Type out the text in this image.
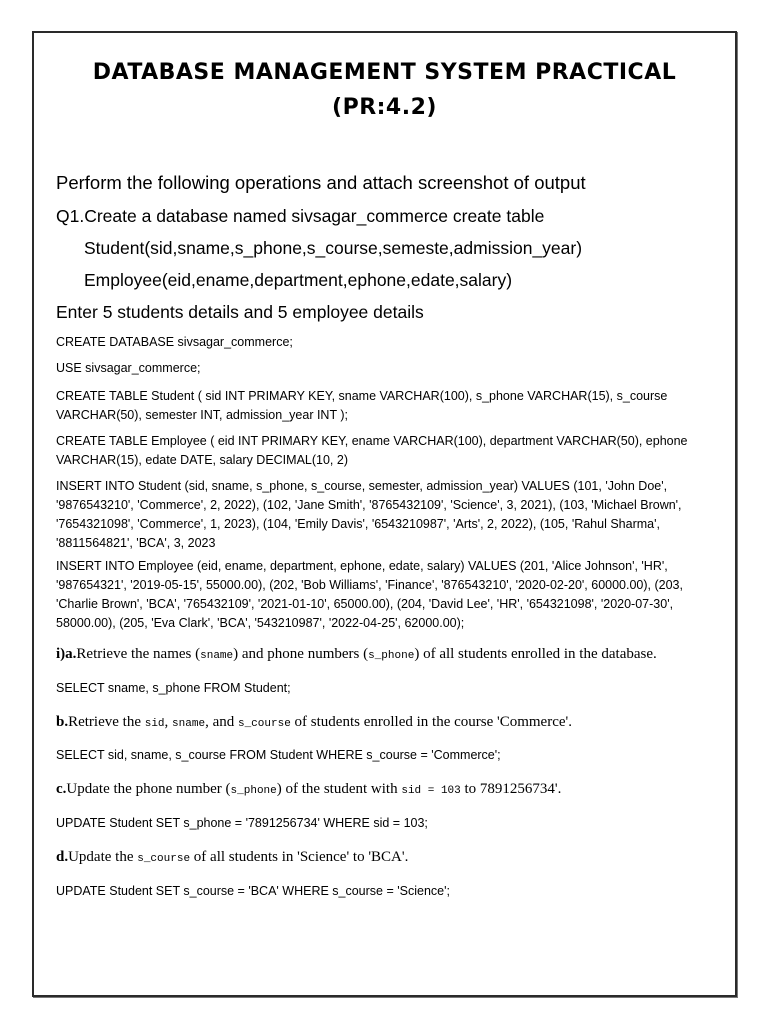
DATABASE MANAGEMENT SYSTEM PRACTICAL
(PR:4.2)

Perform the following operations and attach screenshot of output

Q1.Create a database named sivsagar_commerce create table

Student(sid,sname,s_phone,s_course,semeste,admission_year)

Employee(eid,ename,department,ephone,edate,salary)

Enter 5 students details and 5 employee details

CREATE DATABASE sivsagar_commerce;

USE sivsagar_commerce;

CREATE TABLE Student ( sid INT PRIMARY KEY, sname VARCHAR(100), s_phone VARCHAR(15), s_course
VARCHAR(50), semester INT, admission_year INT );
CREATE TABLE Employee ( eid INT PRIMARY KEY, ename VARCHAR(100), department VARCHAR(50), ephone
VARCHAR(15), edate DATE, salary DECIMAL(10, 2)
INSERT INTO Student (sid, sname, s_phone, s_course, semester, admission_year) VALUES (101, 'John Doe',
'9876543210', 'Commerce', 2, 2022), (102, 'Jane Smith', '8765432109', 'Science', 3, 2021), (103, 'Michael Brown',
'7654321098', 'Commerce', 1, 2023), (104, 'Emily Davis', '6543210987', 'Arts', 2, 2022), (105, 'Rahul Sharma',
'8811564821', 'BCA', 3, 2023
INSERT INTO Employee (eid, ename, department, ephone, edate, salary) VALUES (201, 'Alice Johnson', 'HR',
'987654321', '2019-05-15', 55000.00), (202, 'Bob Williams', 'Finance', '876543210', '2020-02-20', 60000.00), (203,
'Charlie Brown', 'BCA', '765432109', '2021-01-10', 65000.00), (204, 'David Lee', 'HR', '654321098', '2020-07-30',
58000.00), (205, 'Eva Clark', 'BCA', '543210987', '2022-04-25', 62000.00);

i)a.Retrieve the names (sname) and phone numbers (s_phone) of all students enrolled in the database.

SELECT sname, s_phone FROM Student;

b.Retrieve the sid, sname, and s_course of students enrolled in the course 'Commerce'.

SELECT sid, sname, s_course FROM Student WHERE s_course = 'Commerce';

c.Update the phone number (s_phone) of the student with sid = 103 to 7891256734'.

UPDATE Student SET s_phone = '7891256734' WHERE sid = 103;

d.Update the s_course of all students in 'Science' to 'BCA'.

UPDATE Student SET s_course = 'BCA' WHERE s_course = 'Science';
